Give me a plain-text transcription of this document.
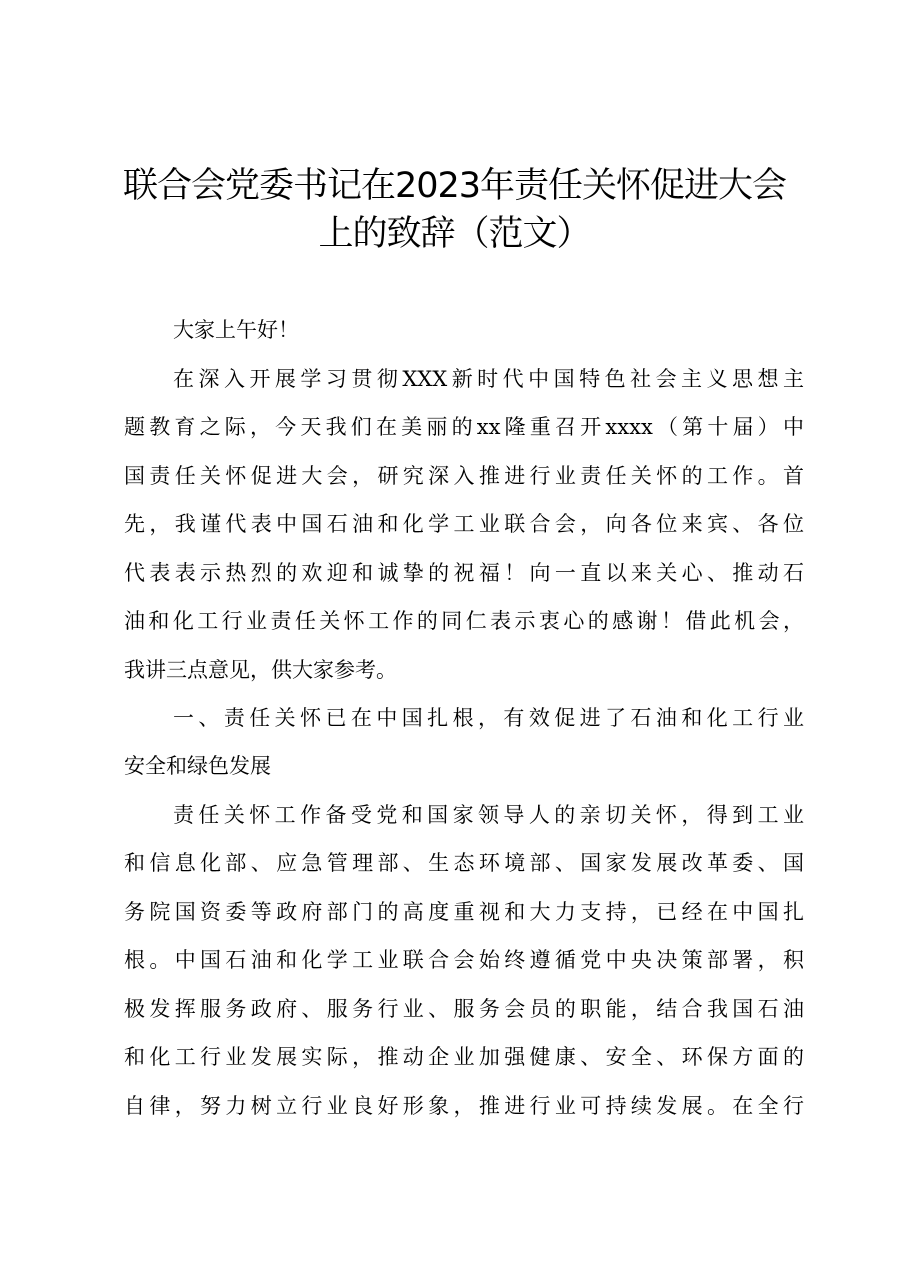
联合会党委书记在2023年责任关怀促进大会
上的致辞（范文）

大家上午好！

在深入开展学习贯彻XXX新时代中国特色社会主义思想主

题教育之际，今天我们在美丽的xx隆重召开xxxx（第十届）中

国责任关怀促进大会，研究深入推进行业责任关怀的工作。首

先，我谨代表中国石油和化学工业联合会，向各位来宾、各位

代表表示热烈的欢迎和诚挚的祝福！向一直以来关心、推动石

油和化工行业责任关怀工作的同仁表示衷心的感谢！借此机会，

我讲三点意见，供大家参考。

一、责任关怀已在中国扎根，有效促进了石油和化工行业

安全和绿色发展

责任关怀工作备受党和国家领导人的亲切关怀，得到工业

和信息化部、应急管理部、生态环境部、国家发展改革委、国

务院国资委等政府部门的高度重视和大力支持，已经在中国扎

根。中国石油和化学工业联合会始终遵循党中央决策部署，积

极发挥服务政府、服务行业、服务会员的职能，结合我国石油

和化工行业发展实际，推动企业加强健康、安全、环保方面的

自律，努力树立行业良好形象，推进行业可持续发展。在全行
